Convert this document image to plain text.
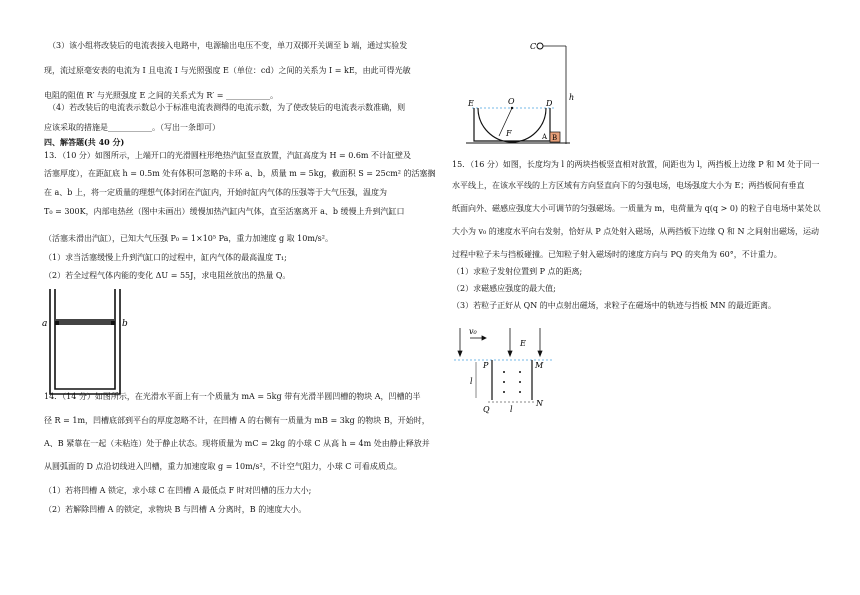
（3）该小组将改装后的电流表接入电路中，电源输出电压不变，单刀双掷开关调至 b 端，通过实验发
现，流过原毫安表的电流为 I 且电流 I 与光照强度 E（单位：cd）之间的关系为 I = kE，由此可得光敏
电阻的阻值 R′ 与光照强度 E 之间的关系式为 R′ = ___________。
（4）若改装后的电流表示数总小于标准电流表测得的电流示数，为了使改装后的电流表示数准确，则
应该采取的措施是___________。（写出一条即可）
四、解答题(共 40 分)
13．（10 分）如图所示，上端开口的光滑圆柱形绝热汽缸竖直放置，汽缸高度为 H = 0.6m 不计缸壁及
活塞厚度），在距缸底 h = 0.5m 处有体积可忽略的卡环 a、b，质量 m = 5kg，截面积 S = 25cm² 的活塞搁
在 a、b 上，将一定质量的理想气体封闭在汽缸内，开始时缸内气体的压强等于大气压强，温度为
T₀ = 300K，内部电热丝（图中未画出）缓慢加热汽缸内气体，直至活塞离开 a、b 缓慢上升到汽缸口
（活塞未滑出汽缸），已知大气压强 P₀ = 1×10⁵ Pa，重力加速度 g 取 10m/s²。
（1）求当活塞缓慢上升到汽缸口的过程中，缸内气体的最高温度 T₁;
（2）若全过程气体内能的变化 ΔU = 55J，求电阻丝放出的热量 Q。
14．（14 分）如图所示，在光滑水平面上有一个质量为 mA = 5kg 带有光滑半圆凹槽的物块 A，凹槽的半
径 R = 1m，凹槽底部到平台的厚度忽略不计，在凹槽 A 的右侧有一质量为 mB = 3kg 的物块 B，开始时，
A、B 紧靠在一起（未粘连）处于静止状态。现将质量为 mC = 2kg 的小球 C 从高 h = 4m 处由静止释放并
从圆弧面的 D 点沿切线进入凹槽，重力加速度取 g = 10m/s²，不计空气阻力，小球 C 可看成质点。
（1）若将凹槽 A 锁定，求小球 C 在凹槽 A 最低点 F 时对凹槽的压力大小;
（2）若解除凹槽 A 的锁定，求物块 B 与凹槽 A 分离时，B 的速度大小。
a	b
C
h
E	O	D
F	A B
15．（16 分）如图，长度均为 l 的两块挡板竖直相对放置，间距也为 l，两挡板上边缘 P 和 M 处于同一
水平线上，在该水平线的上方区域有方向竖直向下的匀强电场，电场强度大小为 E；两挡板间有垂直
纸面向外、磁感应强度大小可调节的匀强磁场。一质量为 m，电荷量为 q(q > 0) 的粒子自电场中某处以
大小为 v₀ 的速度水平向右发射，恰好从 P 点处射入磁场，从两挡板下边缘 Q 和 N 之间射出磁场，运动
过程中粒子未与挡板碰撞。已知粒子射入磁场时的速度方向与 PQ 的夹角为 60°，不计重力。
（1）求粒子发射位置到 P 点的距离;
（2）求磁感应强度的最大值;
（3）若粒子正好从 QN 的中点射出磁场，求粒子在磁场中的轨迹与挡板 MN 的最近距离。
v₀
E
P	M
l
Q	l
N
